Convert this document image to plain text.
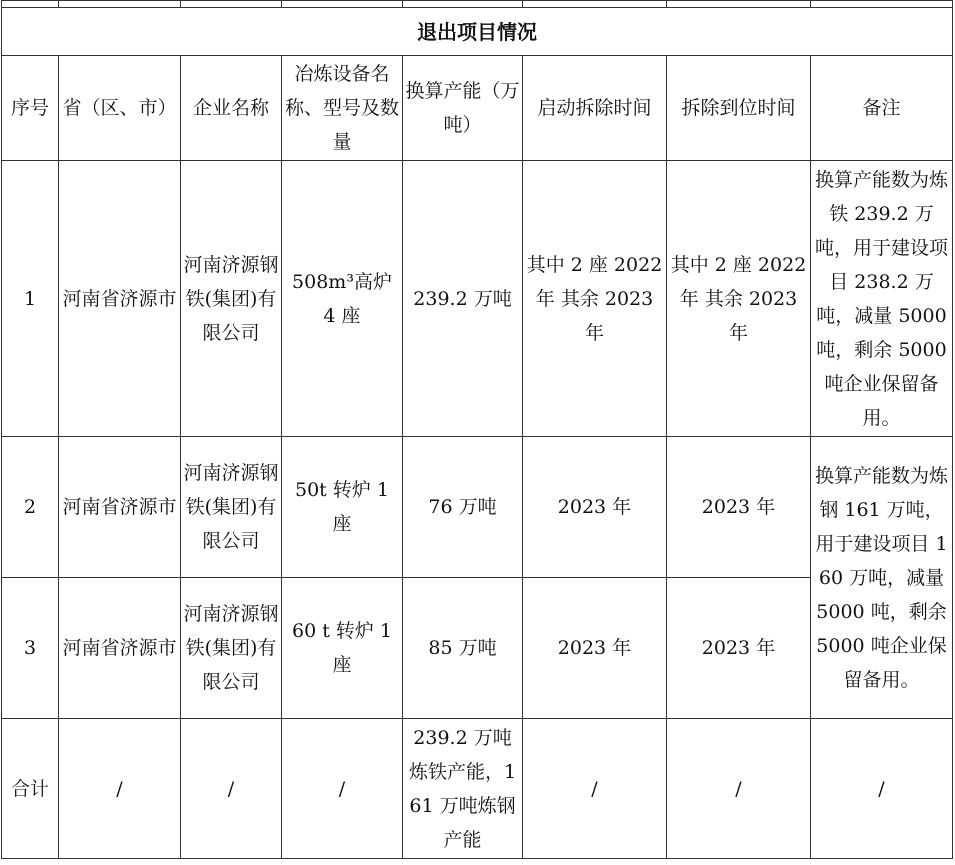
退出项目情况							
序号	省（区、市）	企业名称	冶炼设备名称、型号及数量	换算产能（万吨）	启动拆除时间	拆除到位时间	备注
1	河南省济源市	河南济源钢铁(集团)有限公司	508m³高炉 4 座	239.2 万吨	其中 2 座 2022 年 其余 2023 年	其中 2 座 2022 年 其余 2023 年	换算产能数为炼铁 239.2 万吨，用于建设项目 238.2 万吨，减量 5000 吨，剩余 5000 吨企业保留备用。
2	河南省济源市	河南济源钢铁(集团)有限公司	50t 转炉 1 座	76 万吨	2023 年	2023 年	换算产能数为炼钢 161 万吨，用于建设项目 160 万吨，减量 5000 吨，剩余 5000 吨企业保留备用。
3	河南省济源市	河南济源钢铁(集团)有限公司	60 t 转炉 1 座	85 万吨	2023 年	2023 年	
合计	/	/	/	239.2 万吨炼铁产能，161 万吨炼钢产能	/	/	/
